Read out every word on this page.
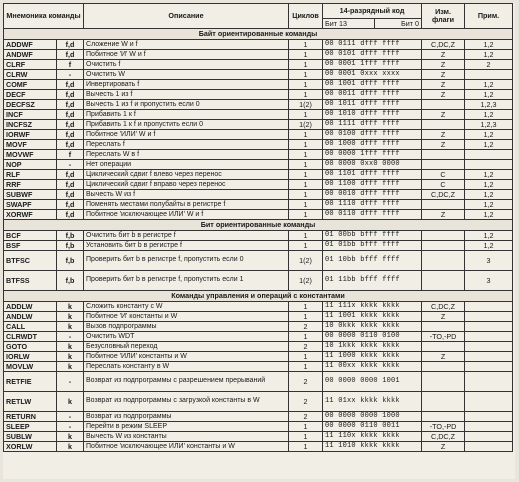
Мнемоника команды		Описание	Циклов	14-разрядный код		Изм. флаги	Прим.
				Бит 13	Бит 0		
Байт ориентированные команды							
ADDWF	f,d	Сложение W и f	1	00 0111 dfff ffff		C,DC,Z	1,2
ANDWF	f,d	Побитное 'И' W и f	1	00 0101 dfff ffff		Z	1,2
CLRF	f	Очистить f	1	00 0001 1fff ffff		Z	2
CLRW	-	Очистить W	1	00 0001 0xxx xxxx		Z	
COMF	f,d	Инвертировать f	1	00 1001 dfff ffff		Z	1,2
DECF	f,d	Вычесть 1 из f	1	00 0011 dfff ffff		Z	1,2
DECFSZ	f,d	Вычесть 1 из f и пропустить если 0	1(2)	00 1011 dfff ffff			1,2,3
INCF	f,d	Прибавить 1 к f	1	00 1010 dfff ffff		Z	1,2
INCFSZ	f,d	Прибавить 1 к f и пропустить если 0	1(2)	00 1111 dfff ffff			1,2,3
IORWF	f,d	Побитное 'ИЛИ' W и f	1	00 0100 dfff ffff		Z	1,2
MOVF	f,d	Переслать f	1	00 1000 dfff ffff		Z	1,2
MOVWF	f	Переслать W в f	1	00 0000 1fff ffff			
NOP	-	Нет операции	1	00 0000 0xx0 0000			
RLF	f,d	Циклический сдвиг f влево через перенос	1	00 1101 dfff ffff		C	1,2
RRF	f,d	Циклический сдвиг f вправо через перенос	1	00 1100 dfff ffff		C	1,2
SUBWF	f,d	Вычесть W из f	1	00 0010 dfff ffff		C,DC,Z	1,2
SWAPF	f,d	Поменять местами полубайты в регистре f	1	00 1110 dfff ffff			1,2
XORWF	f,d	Побитное 'исключающее ИЛИ' W и f	1	00 0110 dfff ffff		Z	1,2
Бит ориентированные команды							
BCF	f,b	Очистить бит b в регистре f	1	01 00bb bfff ffff			1,2
BSF	f,b	Установить бит b в регистре f	1	01 01bb bfff ffff			1,2
BTFSC	f,b	Проверить бит b в регистре f, пропустить если 0	1(2)	01 10bb bfff ffff			3
BTFSS	f,b	Проверить бит b в регистре f, пропустить если 1	1(2)	01 11bb bfff ffff			3
Команды управления и операций с константами							
ADDLW	k	Сложить константу с W	1	11 111x kkkk kkkk		C,DC,Z	
ANDLW	k	Побитное 'И' константы и W	1	11 1001 kkkk kkkk		Z	
CALL	k	Вызов подпрограммы	2	10 0kkk kkkk kkkk			
CLRWDT	-	Очистить WDT	1	00 0000 0110 0100		-TO,-PD	
GOTO	k	Безусловный переход	2	10 1kkk kkkk kkkk			
IORLW	k	Побитное 'ИЛИ' константы и W	1	11 1000 kkkk kkkk		Z	
MOVLW	k	Переслать константу в W	1	11 00xx kkkk kkkk			
RETFIE	-	Возврат из подпрограммы с разрешением прерываний	2	00 0000 0000 1001			
RETLW	k	Возврат из подпрограммы с загрузкой константы в W	2	11 01xx kkkk kkkk			
RETURN	-	Возврат из подпрограммы	2	00 0000 0000 1000			
SLEEP	-	Перейти в режим SLEEP	1	00 0000 0110 0011		-TO,-PD	
SUBLW	k	Вычесть W из константы	1	11 110x kkkk kkkk		C,DC,Z	
XORLW	k	Побитное 'исключающее ИЛИ' константы и W	1	11 1010 kkkk kkkk		Z	
